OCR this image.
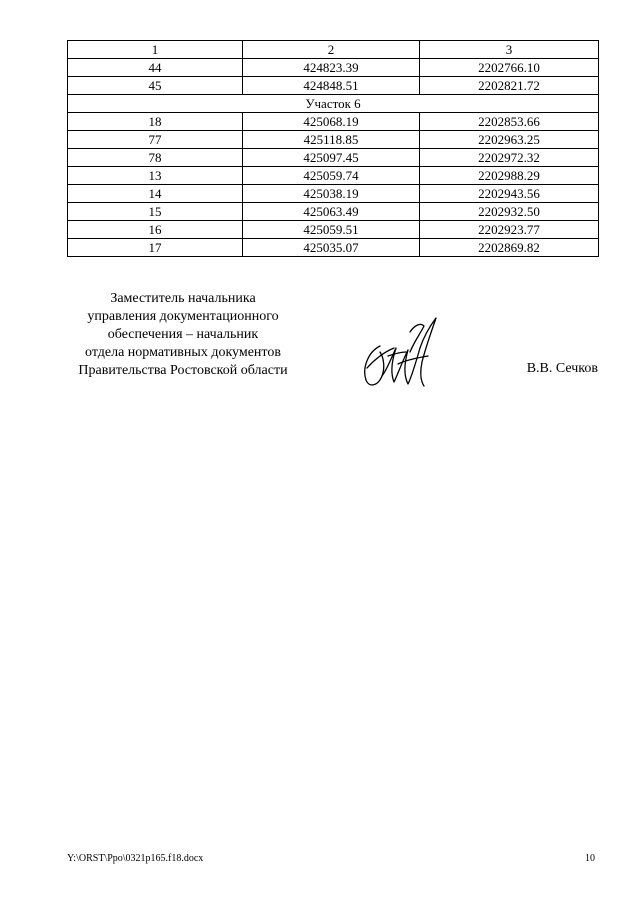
1	2	3
44	424823.39	2202766.10
45	424848.51	2202821.72
Участок 6		
18	425068.19	2202853.66
77	425118.85	2202963.25
78	425097.45	2202972.32
13	425059.74	2202988.29
14	425038.19	2202943.56
15	425063.49	2202932.50
16	425059.51	2202923.77
17	425035.07	2202869.82
Заместитель начальника
управления документационного
обеспечения – начальник
отдела нормативных документов
Правительства Ростовской области	В.В. Сечков
Y:\ORST\Ppo\0321p165.f18.docx	10
